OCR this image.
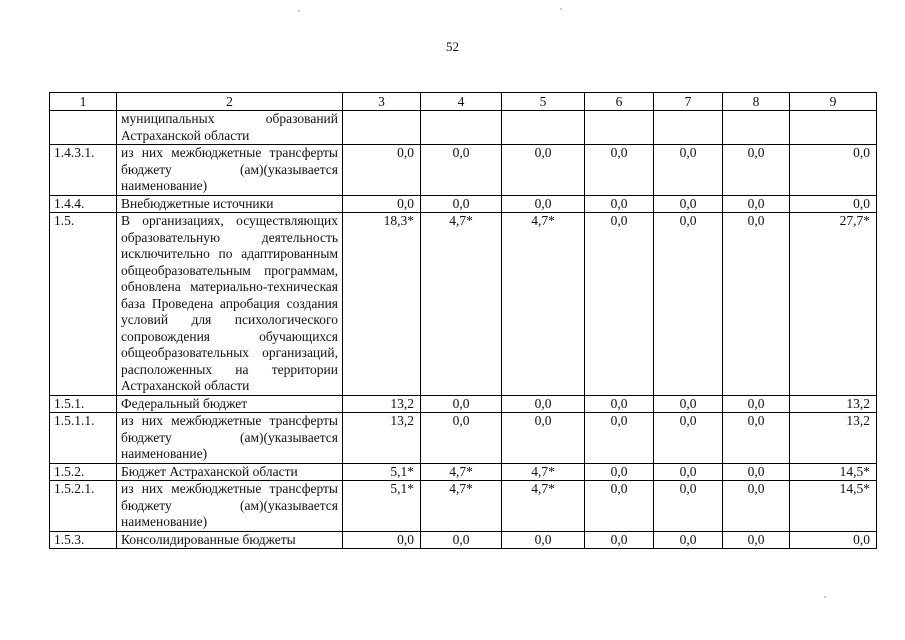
52
1	2	3	4	5	6	7	8	9
	муниципальных образований Астраханской области							
1.4.3.1.	из них межбюджетные трансферты бюджету (ам)(указывается наименование)	0,0	0,0	0,0	0,0	0,0	0,0	0,0
1.4.4.	Внебюджетные источники	0,0	0,0	0,0	0,0	0,0	0,0	0,0
1.5.	В организациях, осуществляющих образовательную деятельность исключительно по адаптированным общеобразовательным программам, обновлена материально-техническая база Проведена апробация создания условий для психологического сопровождения обучающихся общеобразовательных организаций, расположенных на территории Астраханской области	18,3*	4,7*	4,7*	0,0	0,0	0,0	27,7*
1.5.1.	Федеральный бюджет	13,2	0,0	0,0	0,0	0,0	0,0	13,2
1.5.1.1.	из них межбюджетные трансферты бюджету (ам)(указывается наименование)	13,2	0,0	0,0	0,0	0,0	0,0	13,2
1.5.2.	Бюджет Астраханской области	5,1*	4,7*	4,7*	0,0	0,0	0,0	14,5*
1.5.2.1.	из них межбюджетные трансферты бюджету (ам)(указывается наименование)	5,1*	4,7*	4,7*	0,0	0,0	0,0	14,5*
1.5.3.	Консолидированные бюджеты	0,0	0,0	0,0	0,0	0,0	0,0	0,0
